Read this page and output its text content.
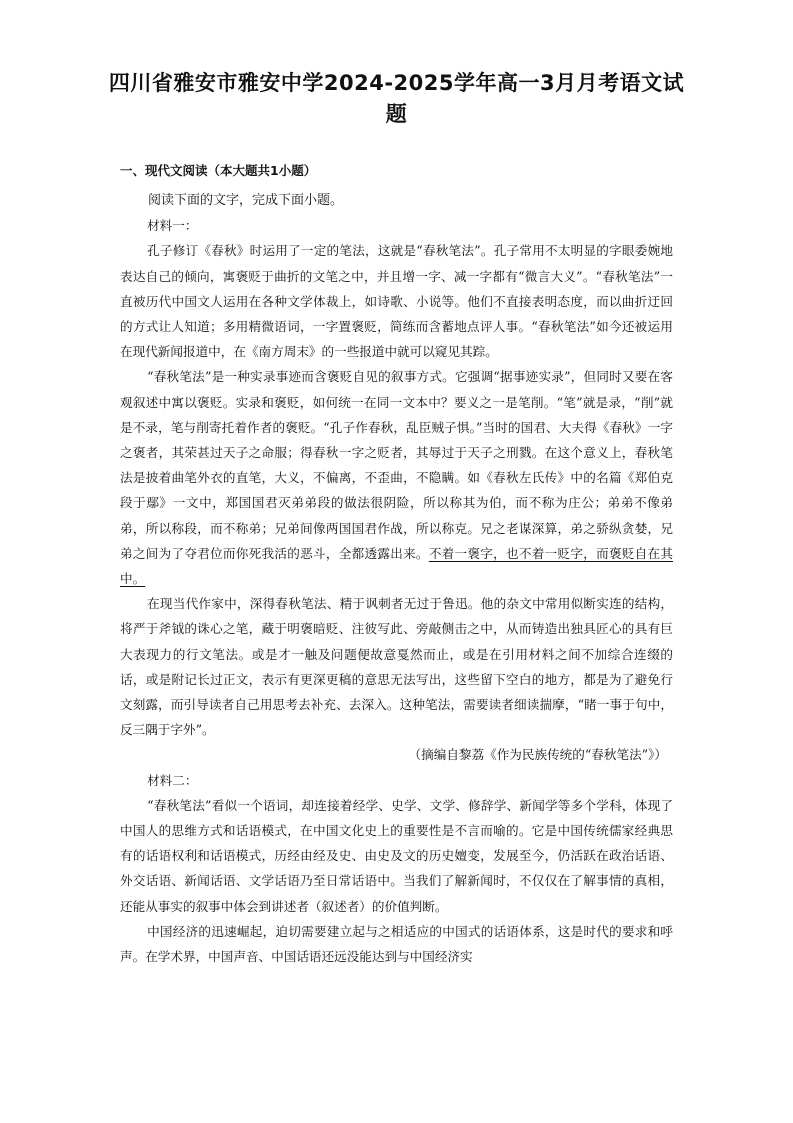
四川省雅安市雅安中学2024-2025学年高一3月月考语文试题
一、现代文阅读（本大题共1小题）

阅读下面的文字，完成下面小题。

材料一：

孔子修订《春秋》时运用了一定的笔法，这就是“春秋笔法”。孔子常用不太明显的字眼委婉地表达自己的倾向，寓褒贬于曲折的文笔之中，并且增一字、减一字都有“微言大义”。“春秋笔法”一直被历代中国文人运用在各种文学体裁上，如诗歌、小说等。他们不直接表明态度，而以曲折迂回的方式让人知道；多用精微语词，一字置褒贬，简练而含蓄地点评人事。“春秋笔法”如今还被运用在现代新闻报道中，在《南方周末》的一些报道中就可以窥见其踪。

“春秋笔法”是一种实录事迹而含褒贬自见的叙事方式。它强调“据事迹实录”，但同时又要在客观叙述中寓以褒贬。实录和褒贬，如何统一在同一文本中？要义之一是笔削。“笔”就是录，“削”就是不录，笔与削寄托着作者的褒贬。“孔子作春秋，乱臣贼子惧。”当时的国君、大夫得《春秋》一字之褒者，其荣甚过天子之命服；得春秋一字之贬者，其辱过于天子之刑戮。在这个意义上，春秋笔法是披着曲笔外衣的直笔，大义，不偏离，不歪曲，不隐瞒。如《春秋左氏传》中的名篇《郑伯克段于鄢》一文中，郑国国君灭弟弟段的做法很阴险，所以称其为伯，而不称为庄公；弟弟不像弟弟，所以称段，而不称弟；兄弟间像两国国君作战，所以称克。兄之老谋深算，弟之骄纵贪婪，兄弟之间为了夺君位而你死我活的恶斗，全都透露出来。不着一褒字，也不着一贬字，而褒贬自在其中。

在现当代作家中，深得春秋笔法、精于讽刺者无过于鲁迅。他的杂文中常用似断实连的结构，将严于斧钺的诛心之笔，藏于明褒暗贬、注彼写此、旁敲侧击之中，从而铸造出独具匠心的具有巨大表现力的行文笔法。或是才一触及问题便故意戛然而止，或是在引用材料之间不加综合连缀的话，或是附记长过正文，表示有更深更稿的意思无法写出，这些留下空白的地方，都是为了避免行文刻露，而引导读者自己用思考去补充、去深入。这种笔法，需要读者细读揣摩，“睹一事于句中，反三隅于字外”。

（摘编自黎荔《作为民族传统的“春秋笔法”》）

材料二：

“春秋笔法”看似一个语词，却连接着经学、史学、文学、修辞学、新闻学等多个学科，体现了中国人的思维方式和话语模式，在中国文化史上的重要性是不言而喻的。它是中国传统儒家经典思有的话语权利和话语模式，历经由经及史、由史及文的历史嬗变，发展至今，仍活跃在政治话语、外交话语、新闻话语、文学话语乃至日常话语中。当我们了解新闻时，不仅仅在了解事情的真相，还能从事实的叙事中体会到讲述者（叙述者）的价值判断。

中国经济的迅速崛起，迫切需要建立起与之相适应的中国式的话语体系，这是时代的要求和呼声。在学术界，中国声音、中国话语还远没能达到与中国经济实
